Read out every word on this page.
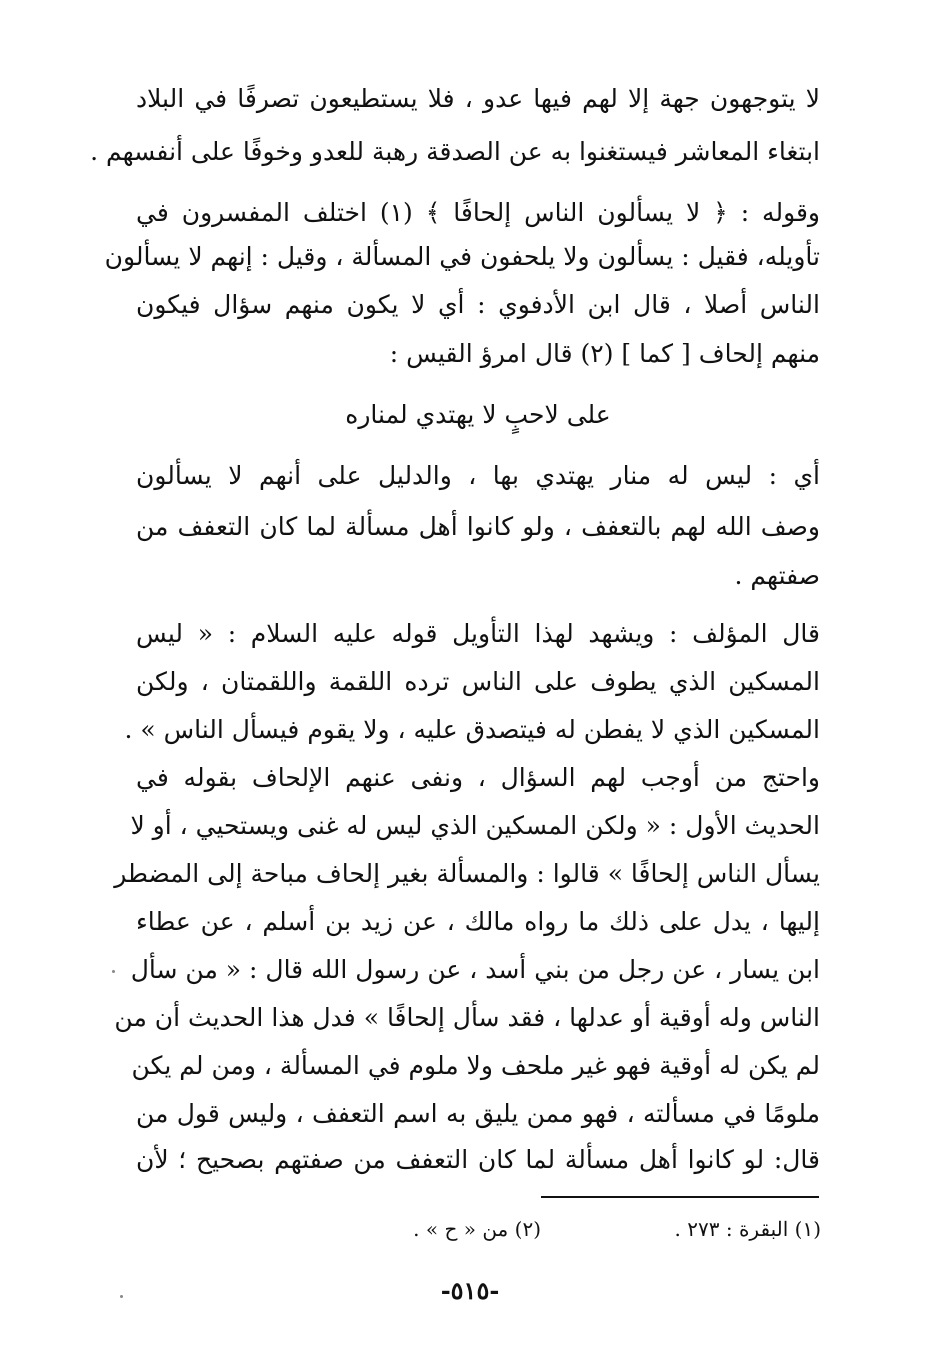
لا يتوجهون جهة إلا لهم فيها عدو ، فلا يستطيعون تصرفًا في البلاد
ابتغاء المعاشر فيستغنوا به عن الصدقة رهبة للعدو وخوفًا على أنفسهم .
وقوله : ﴿ لا يسألون الناس إلحافًا ﴾ (١) اختلف المفسرون في
تأويله، فقيل : يسألون ولا يلحفون في المسألة ، وقيل : إنهم لا يسألون
الناس أصلا ، قال ابن الأدفوي : أي لا يكون منهم سؤال فيكون
منهم إلحاف [ كما ] (٢) قال امرؤ القيس :
على لاحبٍ لا يهتدي لمناره
أي : ليس له منار يهتدي بها ، والدليل على أنهم لا يسألون
وصف الله لهم بالتعفف ، ولو كانوا أهل مسألة لما كان التعفف من
صفتهم .
قال المؤلف : ويشهد لهذا التأويل قوله عليه السلام : « ليس
المسكين الذي يطوف على الناس ترده اللقمة واللقمتان ، ولكن
المسكين الذي لا يفطن له فيتصدق عليه ، ولا يقوم فيسأل الناس » .
واحتج من أوجب لهم السؤال ، ونفى عنهم الإلحاف بقوله في
الحديث الأول : « ولكن المسكين الذي ليس له غنى ويستحيي ، أو لا
يسأل الناس إلحافًا » قالوا : والمسألة بغير إلحاف مباحة إلى المضطر
إليها ، يدل على ذلك ما رواه مالك ، عن زيد بن أسلم ، عن عطاء
ابن يسار ، عن رجل من بني أسد ، عن رسول الله قال : « من سأل
الناس وله أوقية أو عدلها ، فقد سأل إلحافًا » فدل هذا الحديث أن من
لم يكن له أوقية فهو غير ملحف ولا ملوم في المسألة ، ومن لم يكن
ملومًا في مسألته ، فهو ممن يليق به اسم التعفف ، وليس قول من
قال: لو كانوا أهل مسألة لما كان التعفف من صفتهم بصحيح ؛ لأن
(١) البقرة : ٢٧٣ .
(٢) من « ح » .
-٥١٥-
